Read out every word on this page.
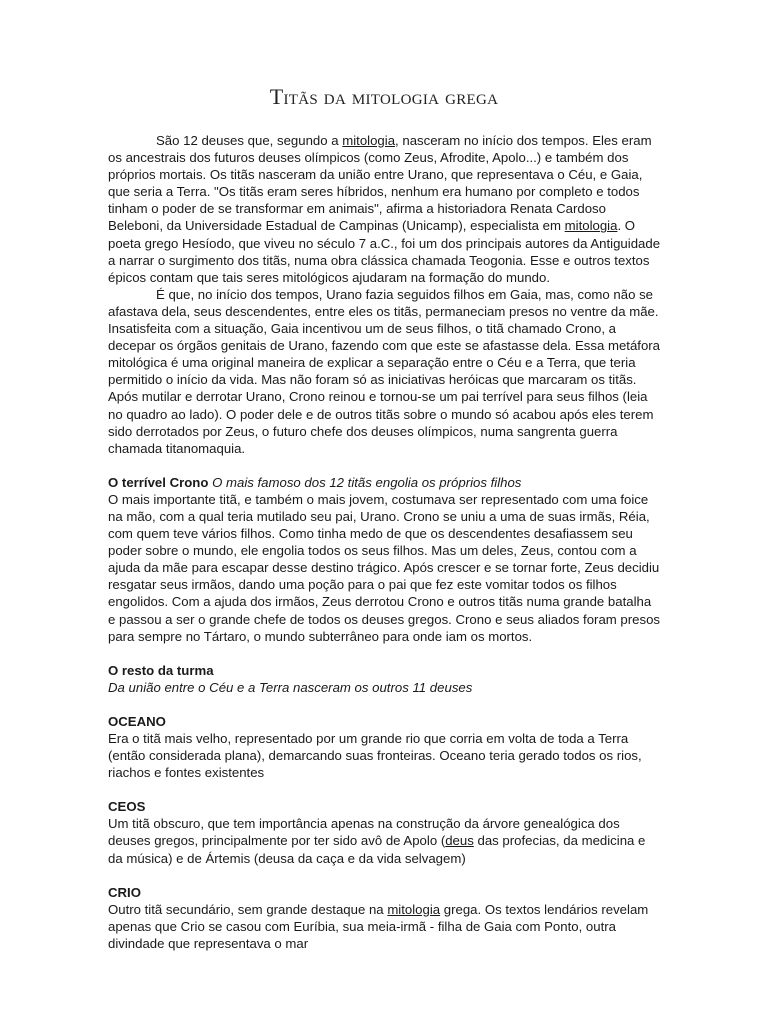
Titãs da mitologia grega

São 12 deuses que, segundo a mitologia, nasceram no início dos tempos. Eles eram os ancestrais dos futuros deuses olímpicos (como Zeus, Afrodite, Apolo...) e também dos próprios mortais. Os titãs nasceram da união entre Urano, que representava o Céu, e Gaia, que seria a Terra. "Os titãs eram seres híbridos, nenhum era humano por completo e todos tinham o poder de se transformar em animais", afirma a historiadora Renata Cardoso Beleboni, da Universidade Estadual de Campinas (Unicamp), especialista em mitologia. O poeta grego Hesíodo, que viveu no século 7 a.C., foi um dos principais autores da Antiguidade a narrar o surgimento dos titãs, numa obra clássica chamada Teogonia. Esse e outros textos épicos contam que tais seres mitológicos ajudaram na formação do mundo.

É que, no início dos tempos, Urano fazia seguidos filhos em Gaia, mas, como não se afastava dela, seus descendentes, entre eles os titãs, permaneciam presos no ventre da mãe. Insatisfeita com a situação, Gaia incentivou um de seus filhos, o titã chamado Crono, a decepar os órgãos genitais de Urano, fazendo com que este se afastasse dela. Essa metáfora mitológica é uma original maneira de explicar a separação entre o Céu e a Terra, que teria permitido o início da vida. Mas não foram só as iniciativas heróicas que marcaram os titãs. Após mutilar e derrotar Urano, Crono reinou e tornou-se um pai terrível para seus filhos (leia no quadro ao lado). O poder dele e de outros titãs sobre o mundo só acabou após eles terem sido derrotados por Zeus, o futuro chefe dos deuses olímpicos, numa sangrenta guerra chamada titanomaquia.

O terrível Crono O mais famoso dos 12 titãs engolia os próprios filhos

O mais importante titã, e também o mais jovem, costumava ser representado com uma foice na mão, com a qual teria mutilado seu pai, Urano. Crono se uniu a uma de suas irmãs, Réia, com quem teve vários filhos. Como tinha medo de que os descendentes desafiassem seu poder sobre o mundo, ele engolia todos os seus filhos. Mas um deles, Zeus, contou com a ajuda da mãe para escapar desse destino trágico. Após crescer e se tornar forte, Zeus decidiu resgatar seus irmãos, dando uma poção para o pai que fez este vomitar todos os filhos engolidos. Com a ajuda dos irmãos, Zeus derrotou Crono e outros titãs numa grande batalha e passou a ser o grande chefe de todos os deuses gregos. Crono e seus aliados foram presos para sempre no Tártaro, o mundo subterrâneo para onde iam os mortos.

O resto da turma

Da união entre o Céu e a Terra nasceram os outros 11 deuses

OCEANO

Era o titã mais velho, representado por um grande rio que corria em volta de toda a Terra (então considerada plana), demarcando suas fronteiras. Oceano teria gerado todos os rios, riachos e fontes existentes

CEOS

Um titã obscuro, que tem importância apenas na construção da árvore genealógica dos deuses gregos, principalmente por ter sido avô de Apolo (deus das profecias, da medicina e da música) e de Ártemis (deusa da caça e da vida selvagem)

CRIO

Outro titã secundário, sem grande destaque na mitologia grega. Os textos lendários revelam apenas que Crio se casou com Euríbia, sua meia-irmã - filha de Gaia com Ponto, outra divindade que representava o mar
